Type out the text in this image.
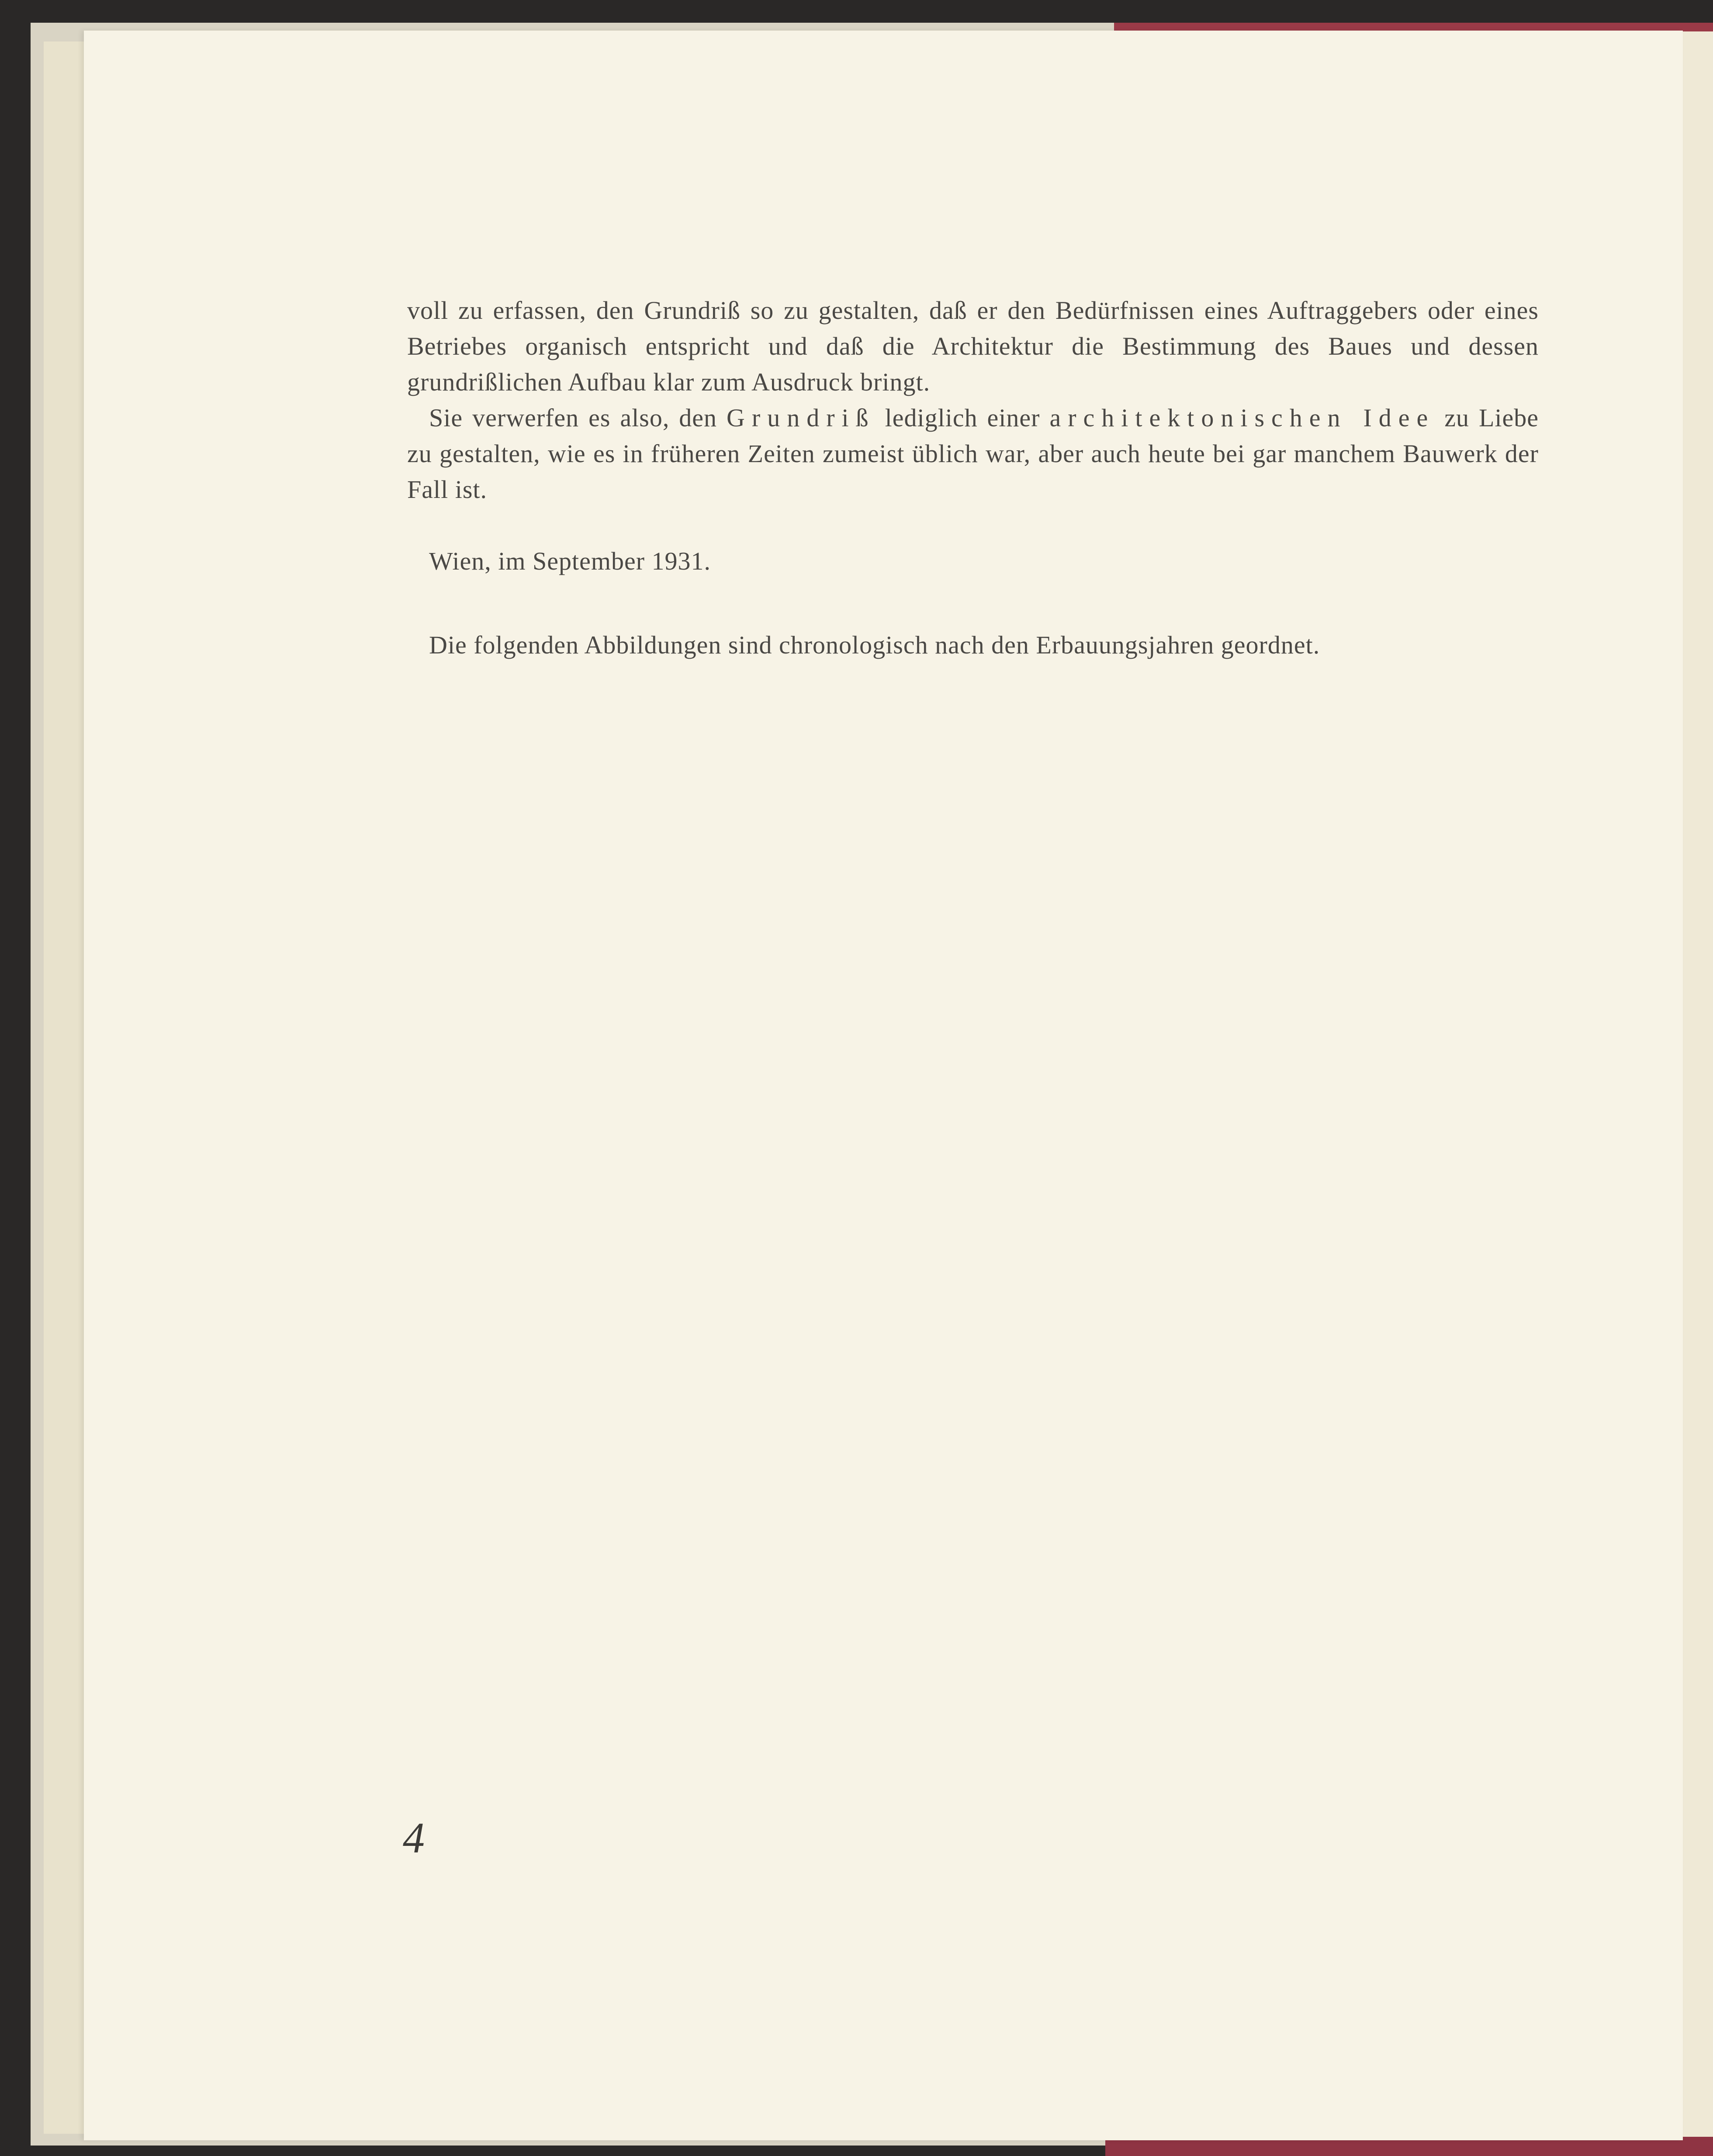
voll zu erfassen, den Grundriß so zu gestalten, daß er den Bedürfnissen eines Auftraggebers oder eines Betriebes organisch entspricht und daß die Architektur die Bestimmung des Baues und dessen grundrißlichen Aufbau klar zum Ausdruck bringt.

Sie verwerfen es also, den Grundriß lediglich einer architektonischen Idee zu Liebe zu gestalten, wie es in früheren Zeiten zumeist üblich war, aber auch heute bei gar manchem Bauwerk der Fall ist.

Wien, im September 1931.

Die folgenden Abbildungen sind chronologisch nach den Erbauungsjahren geordnet.

4
